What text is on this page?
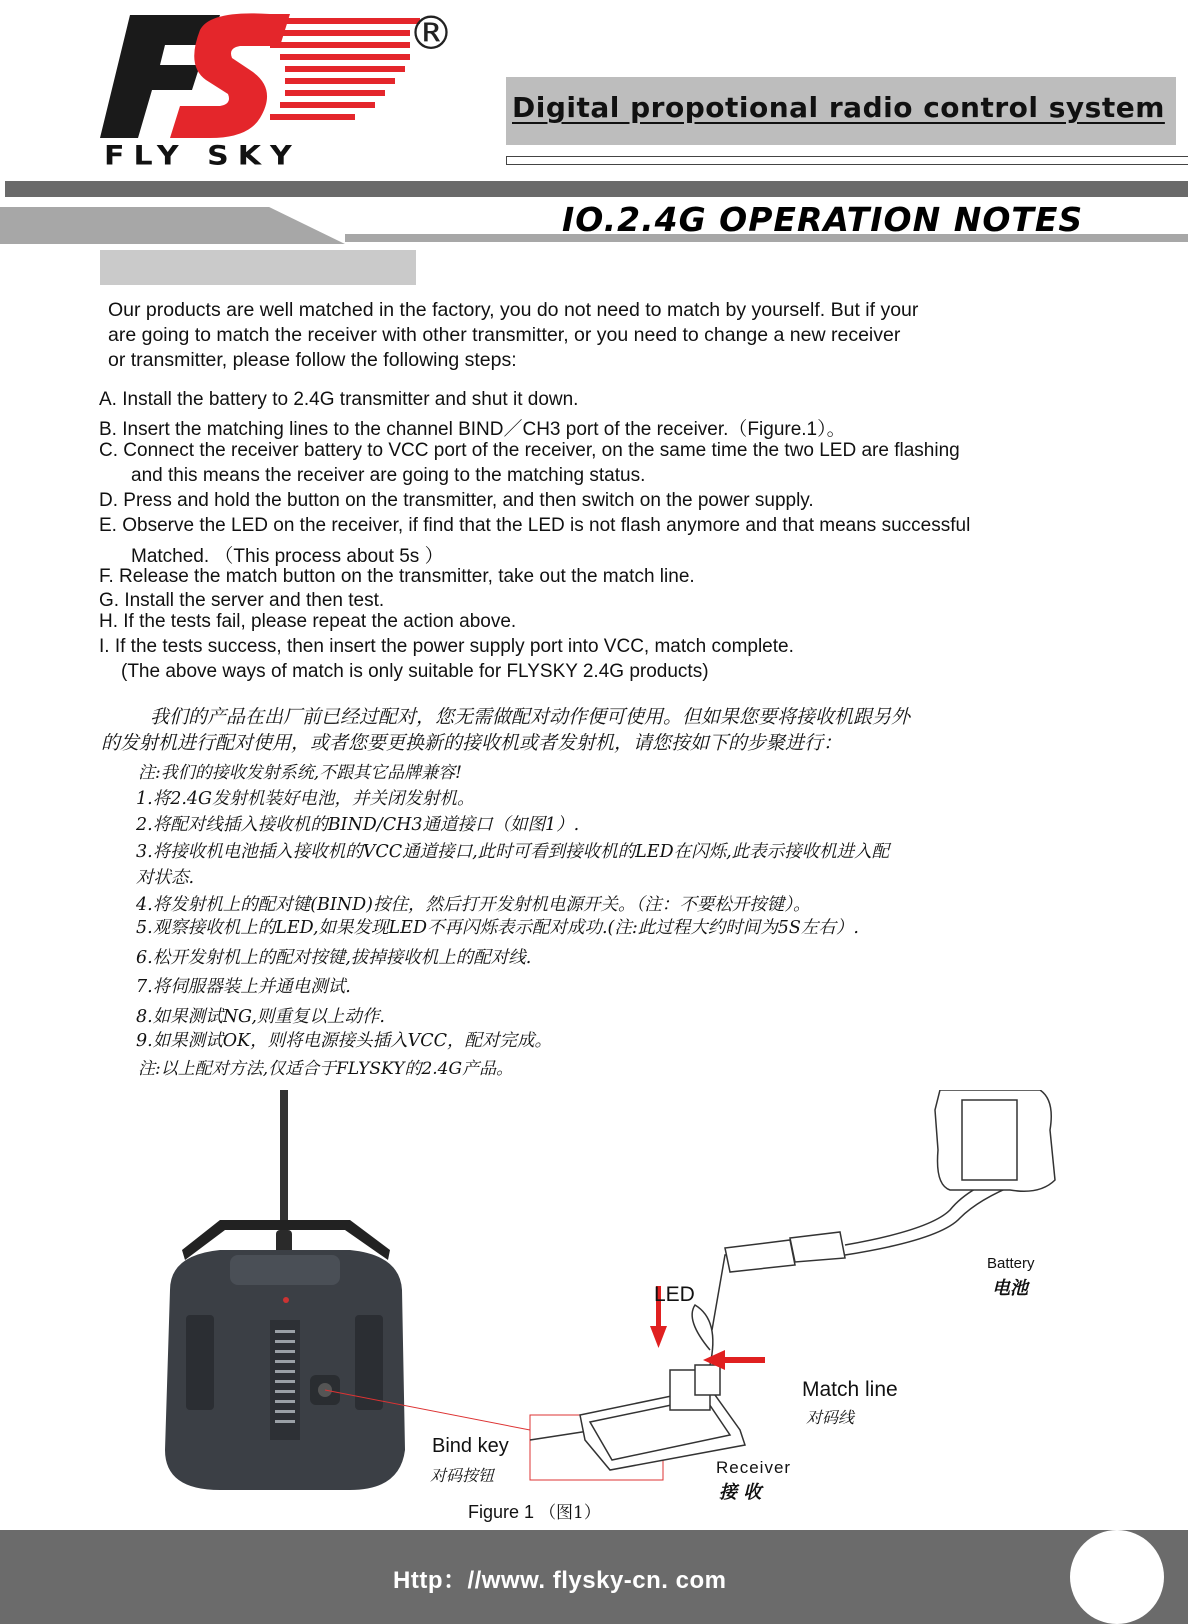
®
FLY SKY
Digital propotional radio control system
IO.2.4G OPERATION NOTES
Our products are well matched in the factory, you do not need to match by yourself. But if your
are going to match the receiver with other transmitter, or you need to change a new receiver
or transmitter, please follow the following steps:
A. Install the battery to 2.4G transmitter and shut it down.
B. Insert the matching lines to the channel BIND／CH3 port of the receiver.（Figure.1）。
C. Connect the receiver battery to VCC port of the receiver, on the same time the two LED are flashing
and this means the receiver are going to the matching status.
D. Press and hold the button on the transmitter, and then switch on the power supply.
E. Observe the LED on the receiver, if find that the LED is not flash anymore and that means successful
Matched. （This process about 5s ）
F. Release the match button on the transmitter, take out the match line.
G. Install the server and then test.
H. If the tests fail, please repeat the action above.
I. If the tests success, then insert the power supply port into VCC, match complete.
(The above ways of match is only suitable for FLYSKY 2.4G products)
我们的产品在出厂前已经过配对，您无需做配对动作便可使用。但如果您要将接收机跟另外
的发射机进行配对使用，或者您要更换新的接收机或者发射机，请您按如下的步聚进行：
注:我们的接收发射系统,不跟其它品牌兼容!
1.将2.4G发射机装好电池，并关闭发射机。
2.将配对线插入接收机的BIND/CH3通道接口（如图1）.
3.将接收机电池插入接收机的VCC通道接口,此时可看到接收机的LED在闪烁,此表示接收机进入配
对状态.
4.将发射机上的配对键(BIND)按住，然后打开发射机电源开关。（注：不要松开按键）。
5.观察接收机上的LED,如果发现LED不再闪烁表示配对成功.(注:此过程大约时间为5S左右）.
6.松开发射机上的配对按键,拔掉接收机上的配对线.
7.将伺服器装上并通电测试.
8.如果测试NG,则重复以上动作.
9.如果测试OK，则将电源接头插入VCC，配对完成。
注:以上配对方法,仅适合于FLYSKY的2.4G产品。
Battery
电池
LED
Match line
对码线
Bind key
对码按钮	Receiver
接 收
Figure 1 （图1）
Http：//www. flysky-cn. com
